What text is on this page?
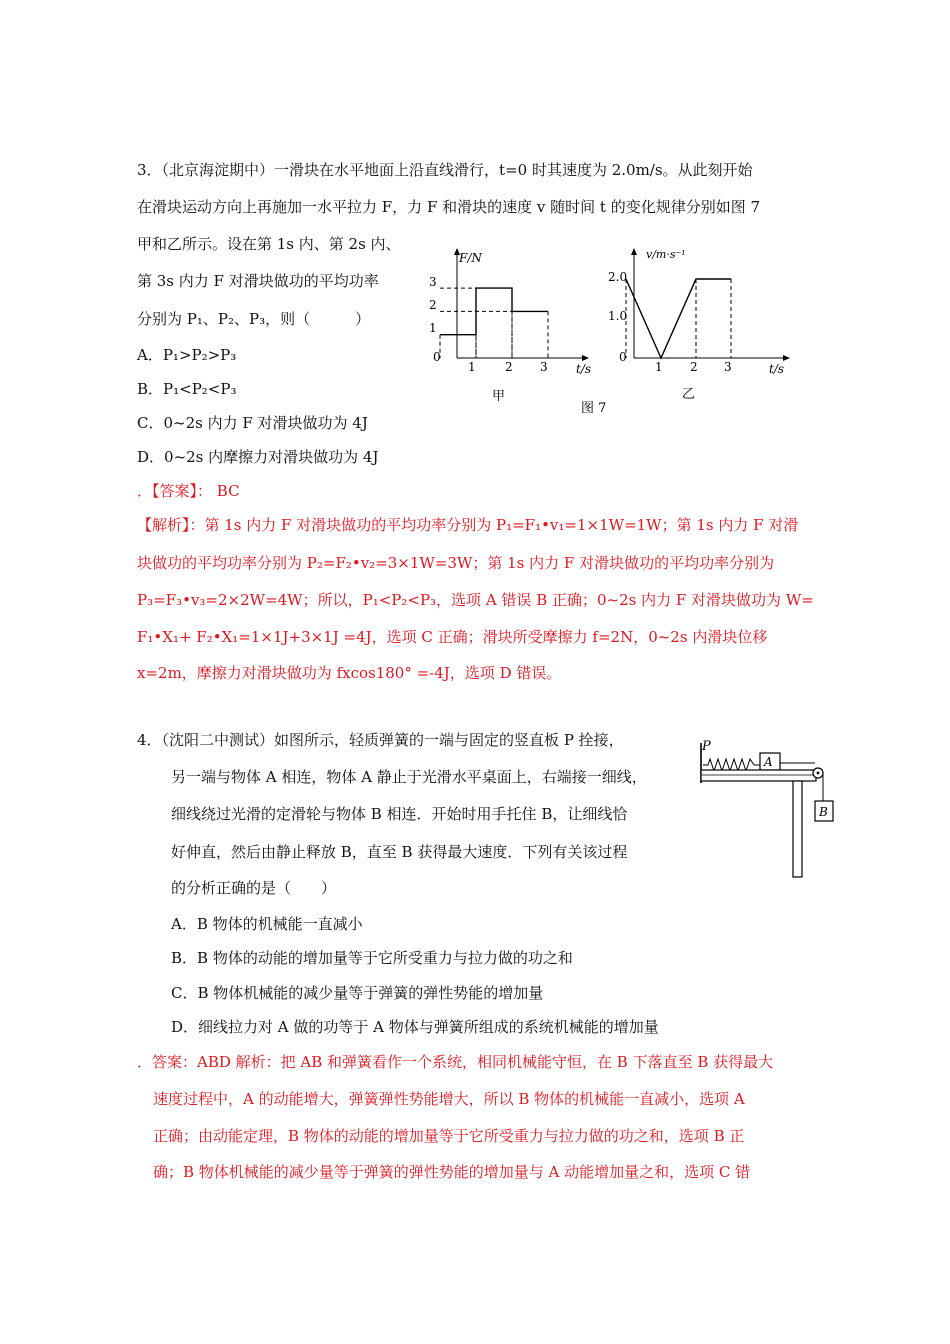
3．（北京海淀期中）一滑块在水平地面上沿直线滑行，t=0 时其速度为 2.0m/s。从此刻开始
在滑块运动方向上再施加一水平拉力 F，力 F 和滑块的速度 v 随时间 t 的变化规律分别如图 7
甲和乙所示。设在第 1s 内、第 2s 内、
第 3s 内力 F 对滑块做功的平均功率
分别为 P₁、P₂、P₃，则（　　　）
A．P₁>P₂>P₃
B．P₁<P₂<P₃
C．0~2s 内力 F 对滑块做功为 4J
D．0~2s 内摩擦力对滑块做功为 4J
．【答案】： BC
【解析】：第 1s 内力 F 对滑块做功的平均功率分别为 P₁=F₁•v₁=1×1W=1W；第 1s 内力 F 对滑
块做功的平均功率分别为 P₂=F₂•v₂=3×1W=3W；第 1s 内力 F 对滑块做功的平均功率分别为
P₃=F₃•v₃=2×2W=4W；所以，P₁<P₂<P₃，选项 A 错误 B 正确；0~2s 内力 F 对滑块做功为 W=
F₁•X₁+ F₂•X₁=1×1J+3×1J =4J，选项 C 正确；滑块所受摩擦力 f=2N，0~2s 内滑块位移
x=2m，摩擦力对滑块做功为 fxcos180° =-4J，选项 D 错误。
F/N
t/s
0
3
2
1
1 2 3
甲
v/m·s⁻¹
t/s
0
2.0
1.0
1 2 3
乙
图 7
4．（沈阳二中测试）如图所示，轻质弹簧的一端与固定的竖直板 P 拴接，
另一端与物体 A 相连，物体 A 静止于光滑水平桌面上，右端接一细线，
细线绕过光滑的定滑轮与物体 B 相连．开始时用手托住 B，让细线恰
好伸直，然后由静止释放 B，直至 B 获得最大速度．下列有关该过程
的分析正确的是（　　）
A．B 物体的机械能一直减小
B．B 物体的动能的增加量等于它所受重力与拉力做的功之和
C．B 物体机械能的减少量等于弹簧的弹性势能的增加量
D．细线拉力对 A 做的功等于 A 物体与弹簧所组成的系统机械能的增加量
．答案：ABD 解析：把 AB 和弹簧看作一个系统，相同机械能守恒，在 B 下落直至 B 获得最大
速度过程中，A 的动能增大，弹簧弹性势能增大，所以 B 物体的机械能一直减小，选项 A
正确；由动能定理，B 物体的动能的增加量等于它所受重力与拉力做的功之和，选项 B 正
确；B 物体机械能的减少量等于弹簧的弹性势能的增加量与 A 动能增加量之和，选项 C 错
P
A
B
